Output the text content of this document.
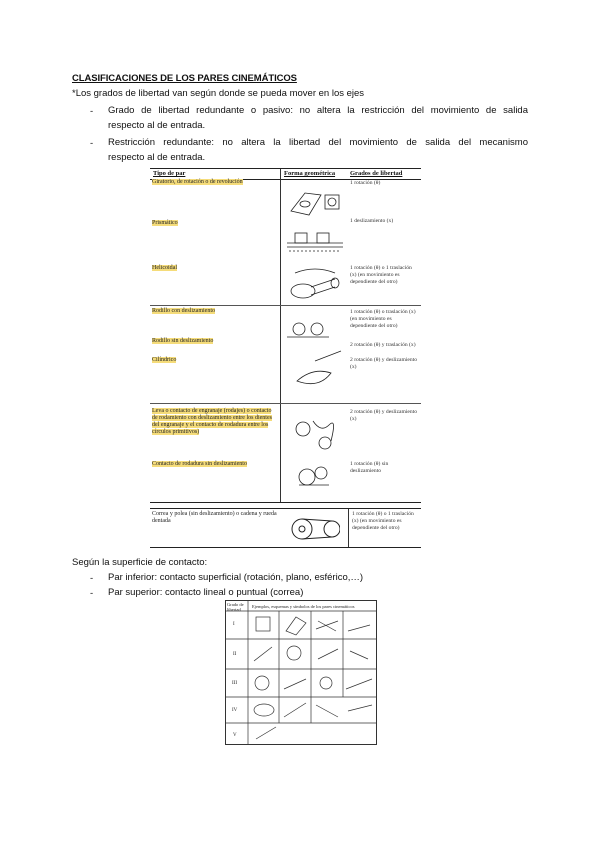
CLASIFICACIONES DE LOS PARES CINEMÁTICOS
*Los grados de libertad van según donde se pueda mover en los ejes
- Grado de libertad redundante o pasivo: no altera la restricción del movimiento de salida
respecto al de entrada.
- Restricción redundante: no altera la libertad del movimiento de salida del mecanismo
respecto al de entrada.
Tipo de par	Forma geométrica Grados de libertad
Giratorio, de rotación o de revolución
Prismático
Helicoidal
Rodillo con deslizamiento
Rodillo sin deslizamiento
Cilíndrico
Leva o contacto de engranaje (rodajes) o contacto de rodamiento con deslizamiento entre los dientes del engranaje y el contacto de rodadura entre los círculos primitivos)
Contacto de rodadura sin deslizamiento
1 rotación (θ)
1 deslizamiento (x)
1 rotación (θ) o 1 traslación (x) (en movimiento es dependiente del otro)
1 rotación (θ) o traslación (x) (en movimiento es dependiente del otro)
2 rotación (θ) y traslación (x)
2 rotación (θ) y deslizamiento (x)
2 rotación (θ) y deslizamiento (x)
1 rotación (θ) sin deslizamiento
Correa y polea (sin deslizamiento) o cadena y rueda dentada
1 rotación (θ) o 1 traslación (x) (en movimiento es dependiente del otro)
Según la superficie de contacto:
- Par inferior: contacto superficial (rotación, plano, esférico,…)
- Par superior: contacto lineal o puntual (correa)
Grado de libertad
Ejemplos, esquemas y símbolos de los pares cinemáticos
I
II
III
IV
V
